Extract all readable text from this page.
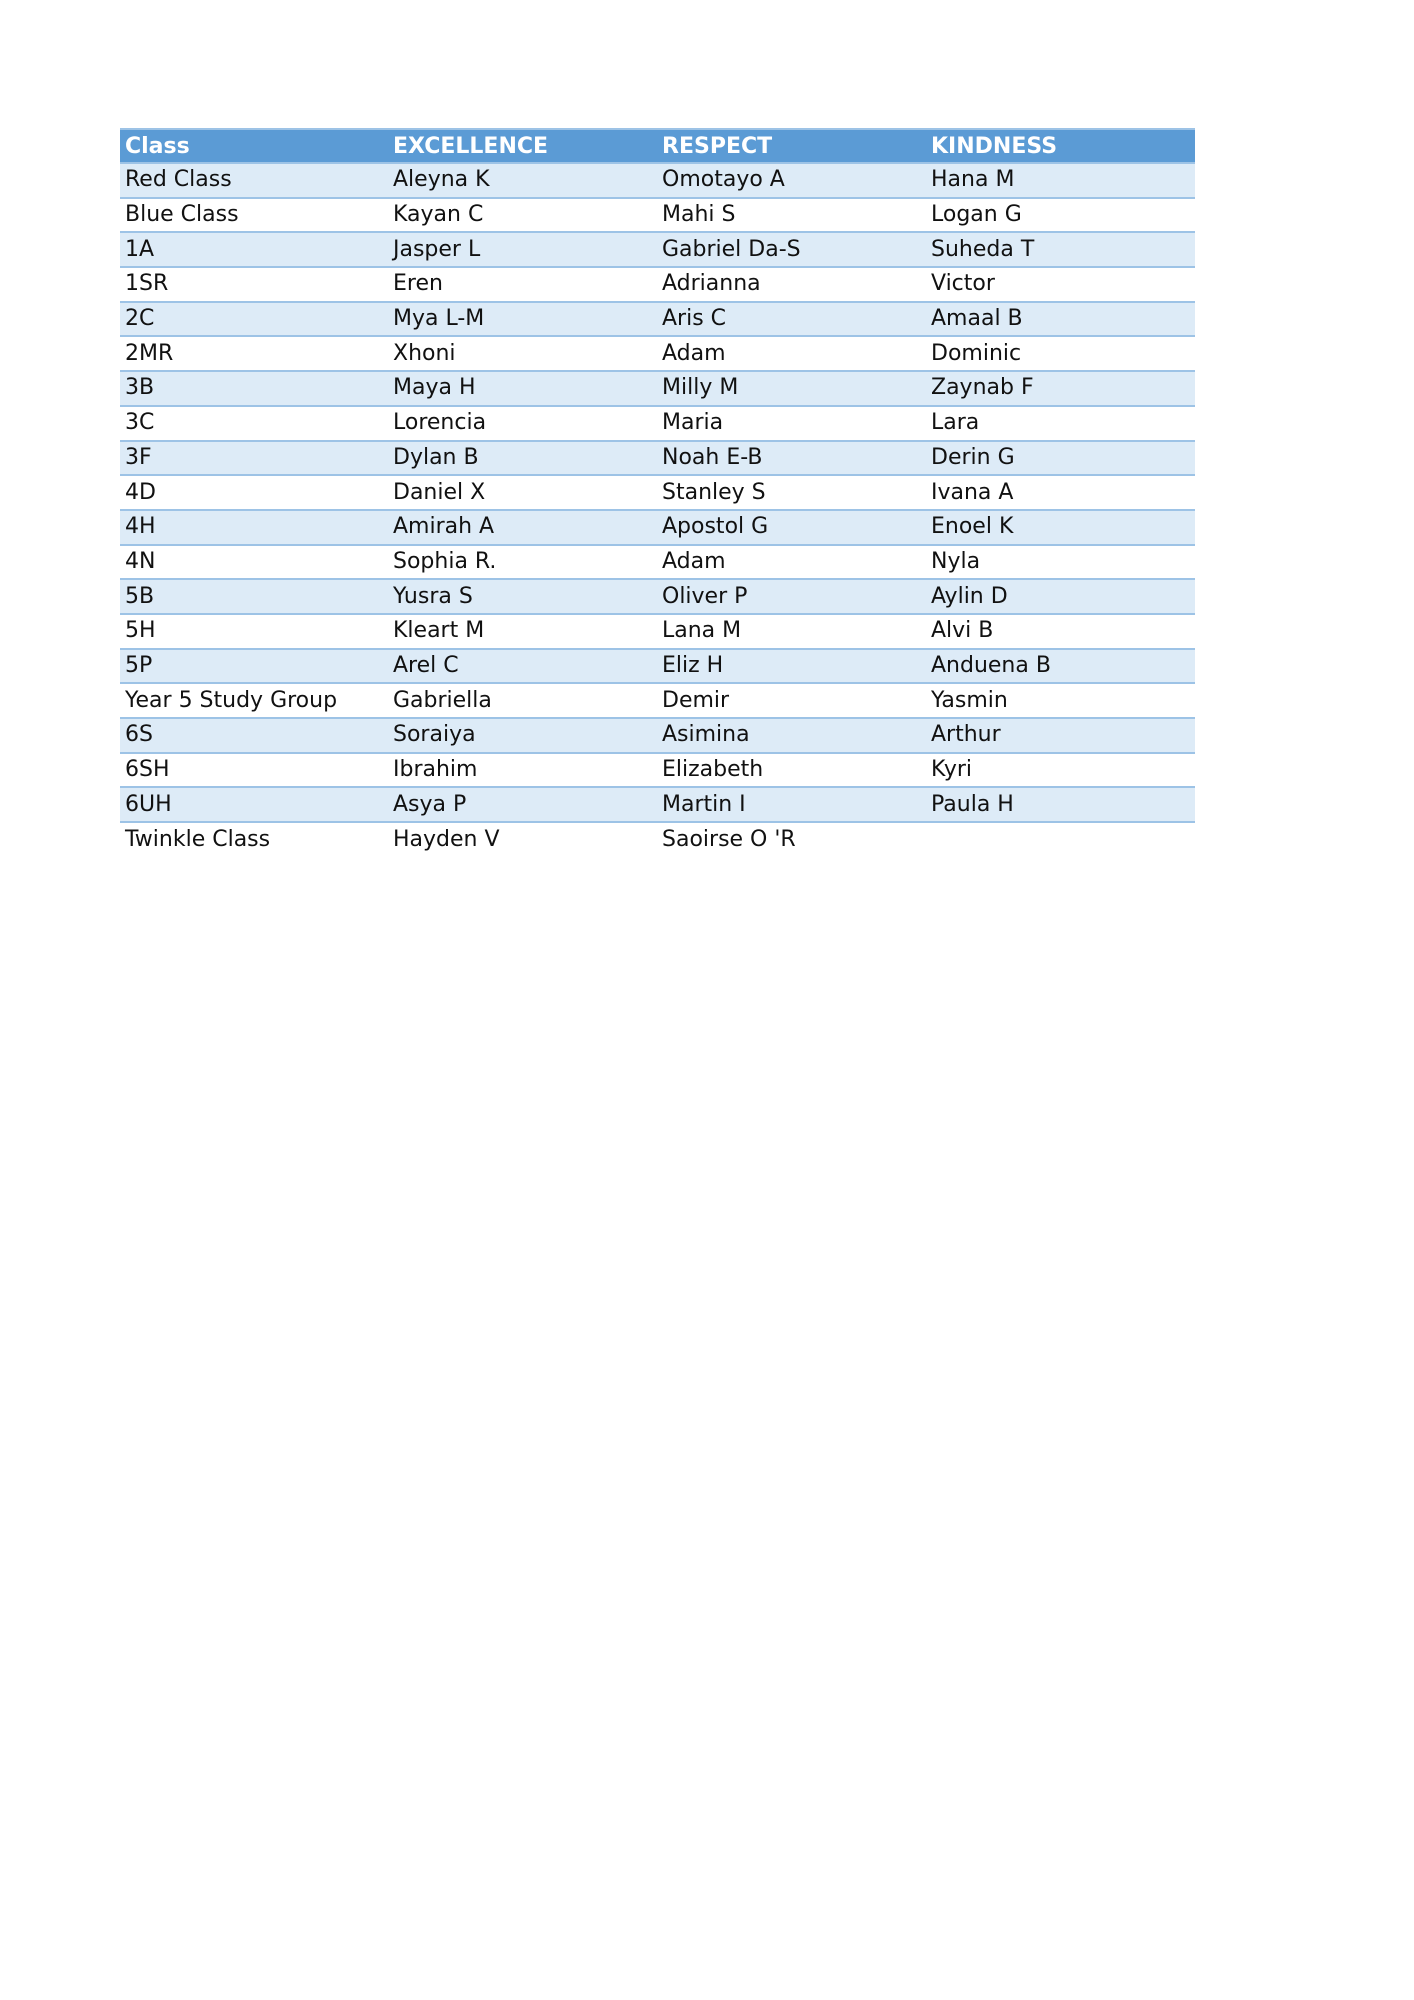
Class	EXCELLENCE	RESPECT	KINDNESS
Red Class	Aleyna K	Omotayo A	Hana M
Blue Class	Kayan C	Mahi S	Logan G
1A	Jasper L	Gabriel Da-S	Suheda T
1SR	Eren	Adrianna	Victor
2C	Mya L-M	Aris C	Amaal B
2MR	Xhoni	Adam	Dominic
3B	Maya H	Milly M	Zaynab F
3C	Lorencia	Maria	Lara
3F	Dylan B	Noah E-B	Derin G
4D	Daniel X	Stanley S	Ivana A
4H	Amirah A	Apostol G	Enoel K
4N	Sophia R.	Adam	Nyla
5B	Yusra S	Oliver P	Aylin D
5H	Kleart M	Lana M	Alvi B
5P	Arel C	Eliz H	Anduena B
Year 5 Study Group	Gabriella	Demir	Yasmin
6S	Soraiya	Asimina	Arthur
6SH	Ibrahim	Elizabeth	Kyri
6UH	Asya P	Martin I	Paula H
Twinkle Class	Hayden V	Saoirse O 'R	
